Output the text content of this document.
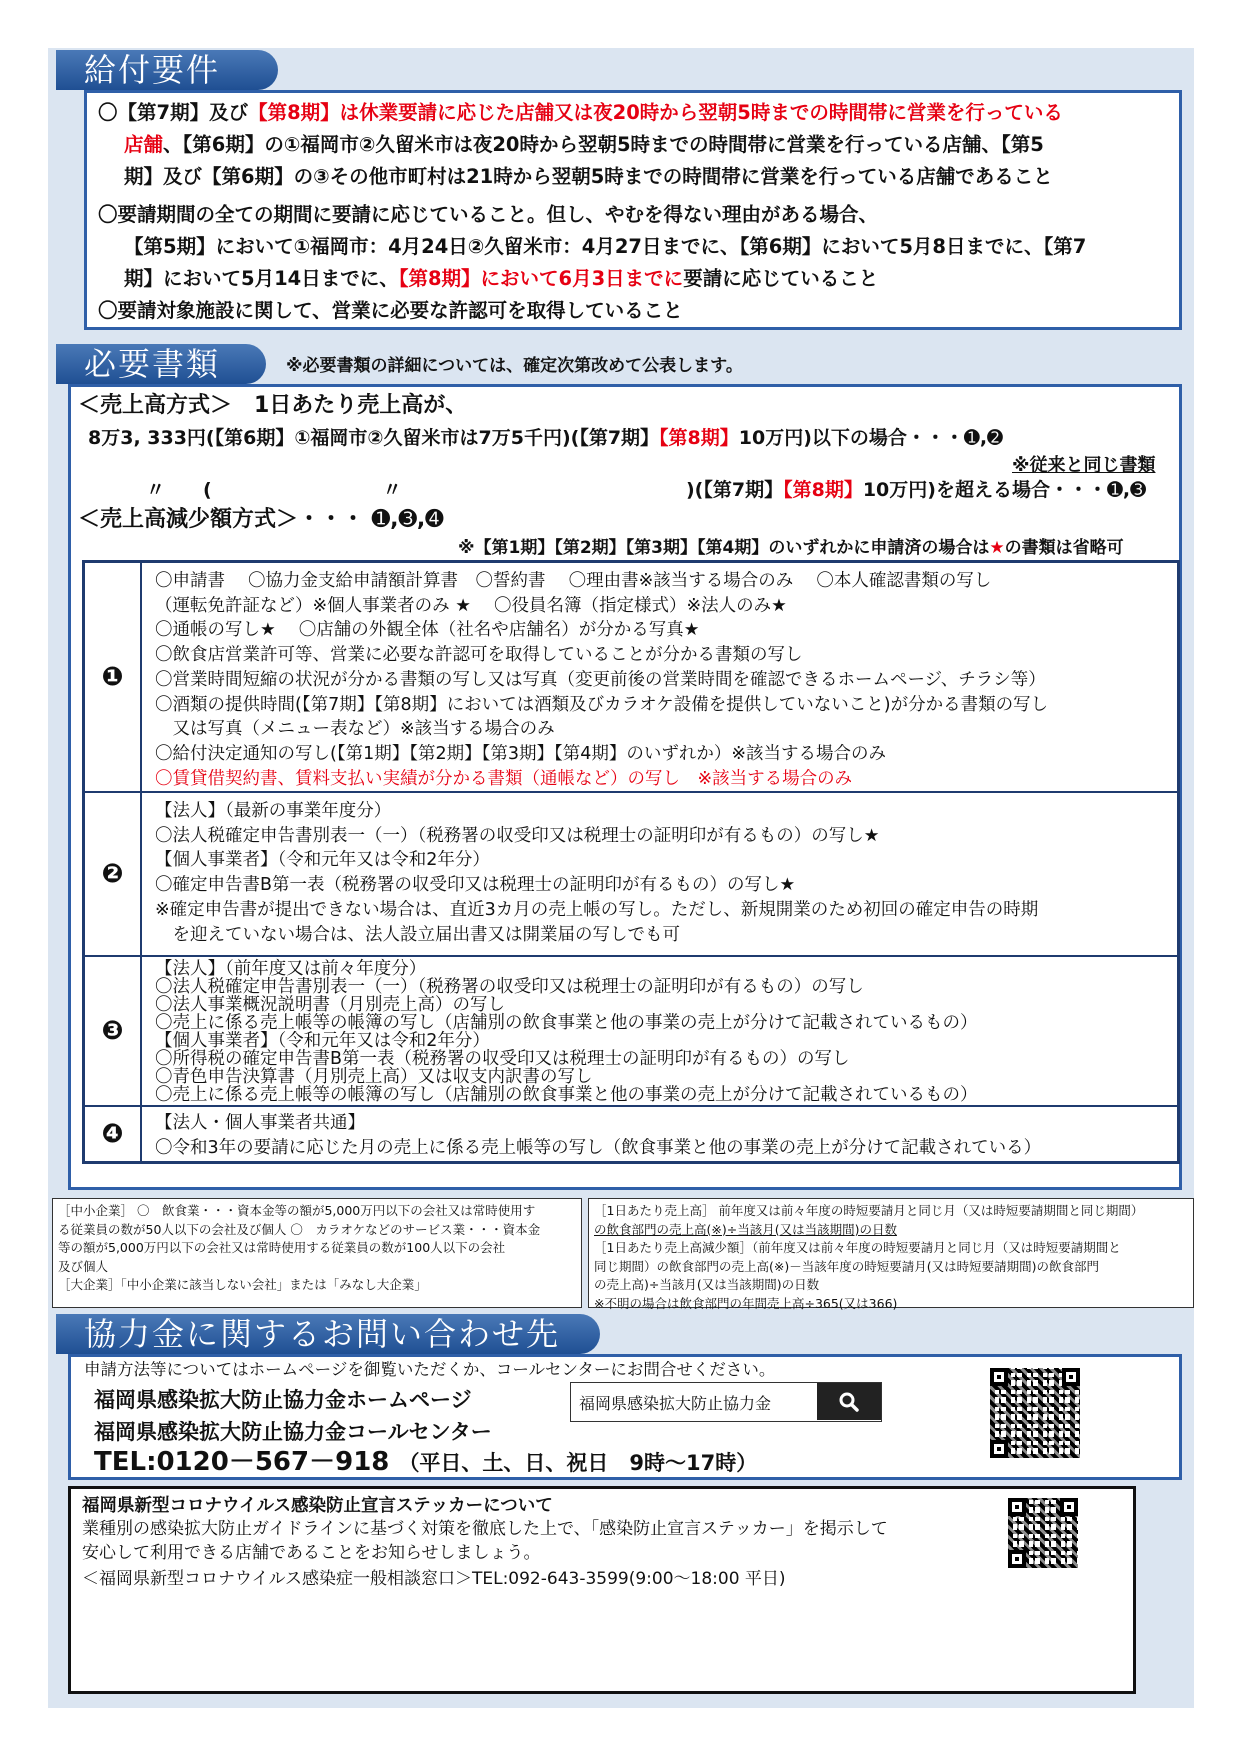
給付要件
〇【第7期】及び【第8期】は休業要請に応じた店舗又は夜20時から翌朝5時までの時間帯に営業を行っている
店舗、【第6期】の①福岡市②久留米市は夜20時から翌朝5時までの時間帯に営業を行っている店舗、【第5
期】及び【第6期】の③その他市町村は21時から翌朝5時までの時間帯に営業を行っている店舗であること
〇要請期間の全ての期間に要請に応じていること。但し、やむを得ない理由がある場合、
【第5期】において①福岡市：4月24日②久留米市：4月27日までに、【第6期】において5月8日までに、【第7
期】において5月14日までに、【第8期】において6月3日までに要請に応じていること
〇要請対象施設に関して、営業に必要な許認可を取得していること
必要書類	※必要書類の詳細については、確定次第改めて公表します。
＜売上高方式＞　1日あたり売上高が、
8万3, 333円(【第6期】①福岡市②久留米市は7万5千円)(【第7期】【第8期】10万円)以下の場合・・・➊,➋
※従来と同じ書類
〃　　(　　　　　　　　　〃	)(【第7期】【第8期】10万円)を超える場合・・・➊,➌
＜売上高減少額方式＞・・・ ➊,➌,➍
※【第1期】【第2期】【第3期】【第4期】のいずれかに申請済の場合は★の書類は省略可
❶
〇申請書　 〇協力金支給申請額計算書　〇誓約書　 〇理由書※該当する場合のみ　 〇本人確認書類の写し
（運転免許証など）※個人事業者のみ ★　 〇役員名簿（指定様式）※法人のみ★
〇通帳の写し★　 〇店舗の外観全体（社名や店舗名）が分かる写真★
〇飲食店営業許可等、営業に必要な許認可を取得していることが分かる書類の写し
〇営業時間短縮の状況が分かる書類の写し又は写真（変更前後の営業時間を確認できるホームページ、チラシ等）
〇酒類の提供時間(【第7期】【第8期】においては酒類及びカラオケ設備を提供していないこと)が分かる書類の写し
　又は写真（メニュー表など）※該当する場合のみ
〇給付決定通知の写し(【第1期】【第2期】【第3期】【第4期】のいずれか）※該当する場合のみ
〇賃貸借契約書、賃料支払い実績が分かる書類（通帳など）の写し　※該当する場合のみ
❷
【法人】（最新の事業年度分）
〇法人税確定申告書別表一（一）（税務署の収受印又は税理士の証明印が有るもの）の写し★
【個人事業者】（令和元年又は令和2年分）
〇確定申告書B第一表（税務署の収受印又は税理士の証明印が有るもの）の写し★
※確定申告書が提出できない場合は、直近3カ月の売上帳の写し。ただし、新規開業のため初回の確定申告の時期
　を迎えていない場合は、法人設立届出書又は開業届の写しでも可
❸
【法人】（前年度又は前々年度分）
〇法人税確定申告書別表一（一）（税務署の収受印又は税理士の証明印が有るもの）の写し
〇法人事業概況説明書（月別売上高）の写し
〇売上に係る売上帳等の帳簿の写し（店舗別の飲食事業と他の事業の売上が分けて記載されているもの）
【個人事業者】（令和元年又は令和2年分）
〇所得税の確定申告書B第一表（税務署の収受印又は税理士の証明印が有るもの）の写し
〇青色申告決算書（月別売上高）又は収支内訳書の写し
〇売上に係る売上帳等の帳簿の写し（店舗別の飲食事業と他の事業の売上が分けて記載されているもの）
❹	【法人・個人事業者共通】
〇令和3年の要請に応じた月の売上に係る売上帳等の写し（飲食事業と他の事業の売上が分けて記載されている）
［中小企業］ 〇　飲食業・・・資本金等の額が5,000万円以下の会社又は常時使用す
る従業員の数が50人以下の会社及び個人 〇　カラオケなどのサービス業・・・資本金
等の額が5,000万円以下の会社又は常時使用する従業員の数が100人以下の会社
及び個人
［大企業］「中小企業に該当しない会社」または「みなし大企業」
［1日あたり売上高］ 前年度又は前々年度の時短要請月と同じ月（又は時短要請期間と同じ期間）
の飲食部門の売上高(※)÷当該月(又は当該期間)の日数
［1日あたり売上高減少額］（前年度又は前々年度の時短要請月と同じ月（又は時短要請期間と
同じ期間）の飲食部門の売上高(※)－当該年度の時短要請月(又は時短要請期間)の飲食部門
の売上高)÷当該月(又は当該期間)の日数
※不明の場合は飲食部門の年間売上高÷365(又は366)
協力金に関するお問い合わせ先
申請方法等についてはホームページを御覧いただくか、コールセンターにお問合せください。
福岡県感染拡大防止協力金ホームページ
福岡県感染拡大防止協力金
福岡県感染拡大防止協力金コールセンター
TEL:0120－567－918 （平日、土、日、祝日　9時～17時）
福岡県新型コロナウイルス感染防止宣言ステッカーについて
業種別の感染拡大防止ガイドラインに基づく対策を徹底した上で、「感染防止宣言ステッカー」を掲示して
安心して利用できる店舗であることをお知らせしましょう。
＜福岡県新型コロナウイルス感染症一般相談窓口＞TEL:092-643-3599(9:00～18:00 平日)
